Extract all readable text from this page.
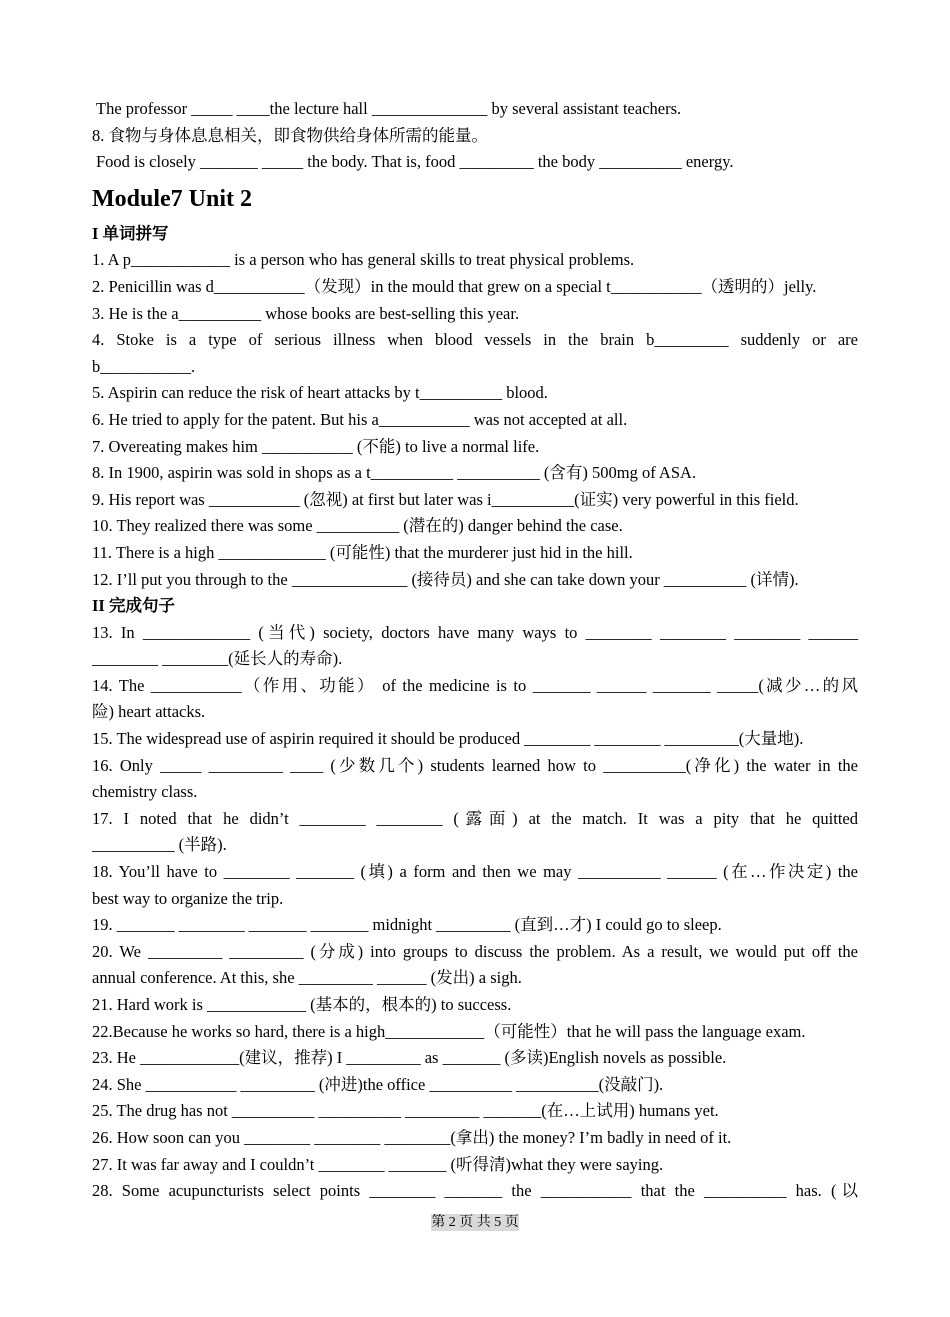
The professor _____ ____the lecture hall ______________ by several assistant teachers.
8. 食物与身体息息相关，即食物供给身体所需的能量。
Food is closely _______ _____ the body. That is, food _________ the body __________ energy.
Module7 Unit 2
I 单词拼写
1. A p____________ is a person who has general skills to treat physical problems.
2. Penicillin was d___________（发现）in the mould that grew on a special t___________（透明的）jelly.
3. He is the a__________ whose books are best-selling this year.
4. Stoke is a type of serious illness when blood vessels in the brain b_________ suddenly or are
b___________.
5. Aspirin can reduce the risk of heart attacks by t__________ blood.
6. He tried to apply for the patent. But his a___________ was not accepted at all.
7. Overeating makes him ___________ (不能) to live a normal life.
8. In 1900, aspirin was sold in shops as a t__________ __________ (含有) 500mg of ASA.
9. His report was ___________ (忽视) at first but later was i__________(证实) very powerful in this field.
10. They realized there was some __________ (潜在的) danger behind the case.
11. There is a high _____________ (可能性) that the murderer just hid in the hill.
12. I’ll put you through to the ______________ (接待员) and she can take down your __________ (详情).
II 完成句子
13. In _____________ (当代) society, doctors have many ways to ________ ________ ________ ______
________ ________(延长人的寿命).
14. The ___________（作用、功能） of the medicine is to _______ ______ _______ _____(减少…的风
险) heart attacks.
15. The widespread use of aspirin required it should be produced ________ ________ _________(大量地).
16. Only _____ _________ ____ (少数几个) students learned how to __________(净化) the water in the
chemistry class.
17. I noted that he didn’t ________ ________ (露面) at the match. It was a pity that he quitted
__________ (半路).
18. You’ll have to ________ _______ (填) a form and then we may __________ ______ (在…作决定) the
best way to organize the trip.
19. _______ ________ _______ _______ midnight _________ (直到…才) I could go to sleep.
20. We _________ _________ (分成) into groups to discuss the problem. As a result, we would put off the
annual conference. At this, she _________ ______ (发出) a sigh.
21. Hard work is ____________ (基本的，根本的) to success.
22.Because he works so hard, there is a high____________（可能性）that he will pass the language exam.
23. He ____________(建议，推荐) I _________ as _______ (多读)English novels as possible.
24. She ___________ _________ (冲进)the office __________ __________(没敲门).
25. The drug has not __________ __________ _________ _______(在…上试用) humans yet.
26. How soon can you ________ ________ ________(拿出) the money? I’m badly in need of it.
27. It was far away and I couldn’t ________ _______ (听得清)what they were saying.
28. Some acupuncturists select points ________ _______ the ___________ that the __________ has. (以
第 2 页 共 5 页
